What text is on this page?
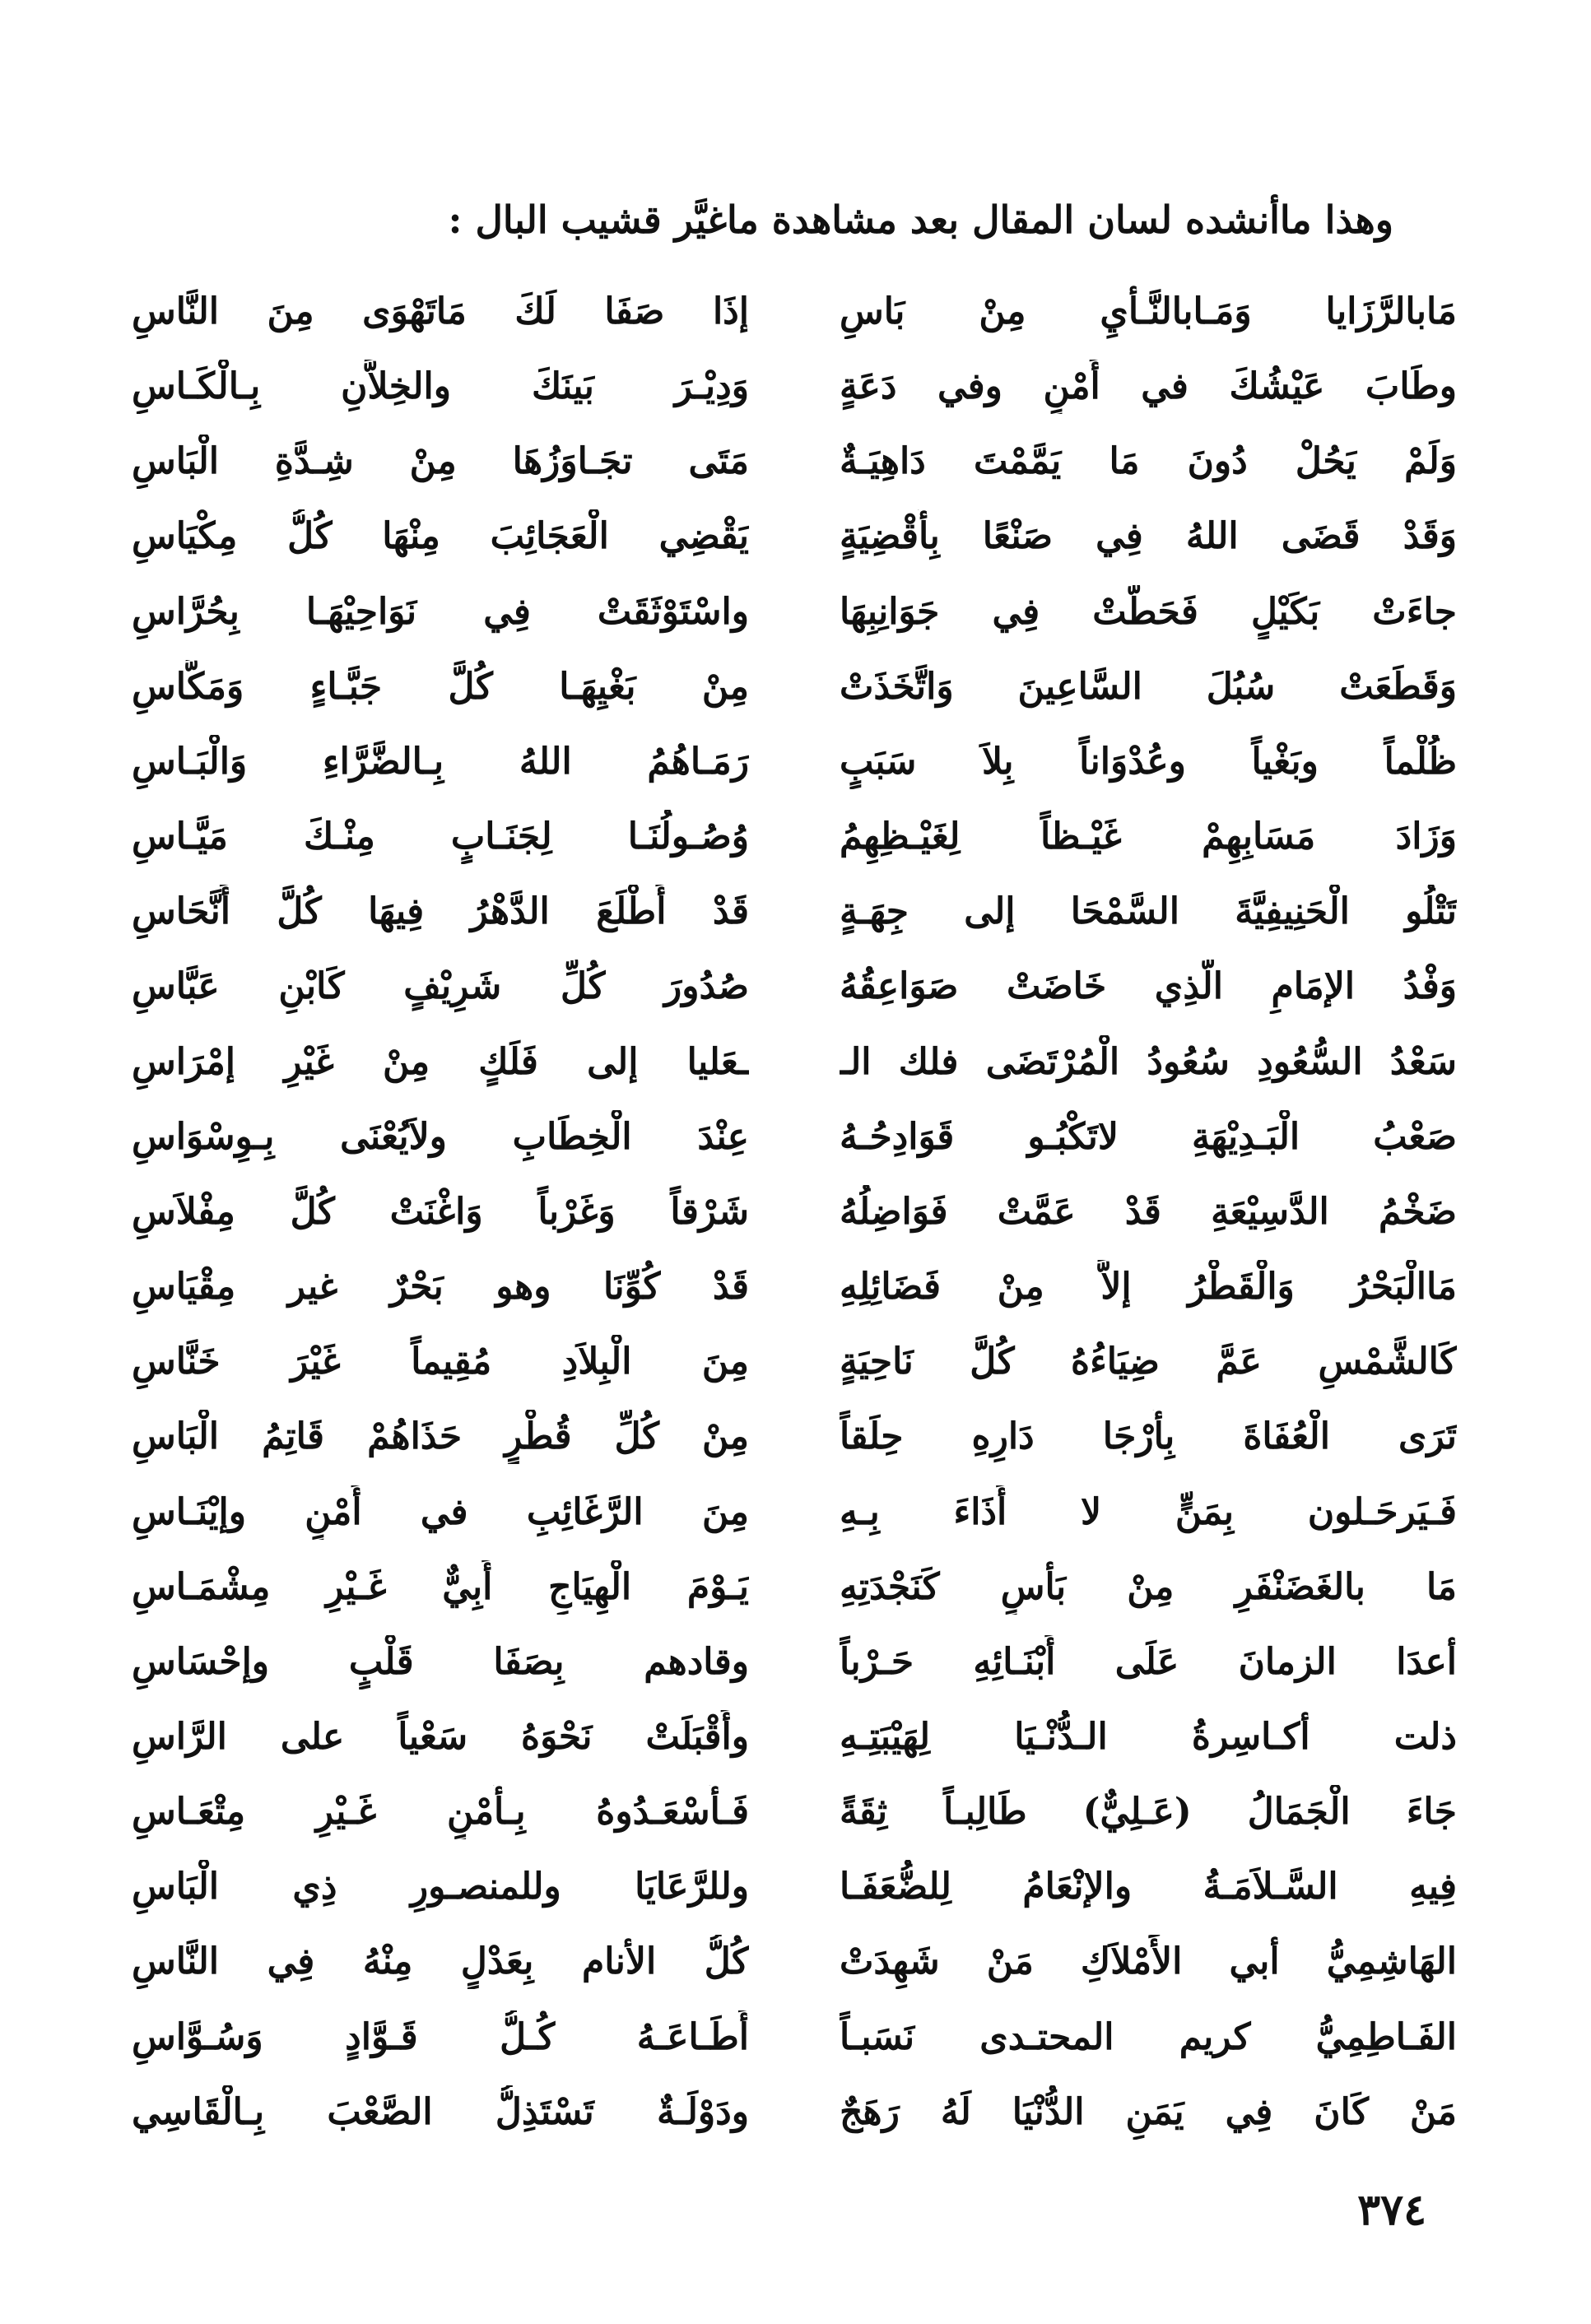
وهذا ماأنشده لسان المقال بعد مشاهدة ماغيَّر قشيب البال :
مَابالرَّزَايا وَمَـابالنَّـأْيِ مِنْ بَاسِ
إذَا صَفَا لَكَ مَاتَهْوَى مِنَ النَّاسِ
وطَابَ عَيْشُكَ في أَمْنٍ وفي دَعَةٍ
وَدِيْـرَ بَينَكَ والخِلاَّنِ بِـالْكَـاسِ
وَلَمْ يَحُلْ دُونَ مَا يَمَّمْتَ دَاهِيَـةٌ
مَتَى تجَـاوَزُهَا مِنْ شِـدَّةِ الْبَاسِ
وَقَدْ قَضَى اللهُ فِي صَنْعًا بِأَقْضِيَةٍ
يَقْضِي الْعَجَائِبَ مِنْهَا كُلُّ مِكْيَاسِ
جاءَتْ بَكَيْلٍ فَحَطَّتْ فِي جَوَانِبِهَا
واسْتَوْثَقَتْ فِي نَوَاحِيْهَـا بِحُرَّاسِ
وَقَطَعَتْ سُبُلَ السَّاعِينَ وَاتَّخَذَتْ
مِنْ بَغْيِهَـا كُلَّ جَبَّـاءٍ وَمَكَّاسِ
ظُلْماً وبَغْياً وعُدْوَاناً بِلاَ سَبَبٍ
رَمَـاهُمُ اللهُ بِـالضَّرَّاءِ وَالْبَـاسِ
وَزَادَ مَسَابِهِمْ غَيْـظاً لِغَيْـظِهِمُ
وُصُـولُنَـا لِجَنَـابٍ مِنْـكَ مَيَّـاسِ
تَتْلُو الْحَنِيفِيَّةَ السَّمْحَا إلى جِهَـةٍ
قَدْ أَطْلَعَ الدَّهْرُ فِيهَا كُلَّ أَنَّحَاسِ
وَفْدُ الإمَامِ الَّذِي خَاضَتْ صَوَاعِقُهُ
صُدُورَ كُلِّ شَرِيْفٍ كَابْنِ عَبَّاسِ
سَعْدُ السُّعُودِ سُعُودُ الْمُرْتَضَى فلك الـ
ـعَليا إلى فَلَكٍ مِنْ غَيْرِ إمْرَاسِ
صَعْبُ الْبَـدِيْهَةِ لاتَكْبُـو قَوَادِحُـهُ
عِنْدَ الْخِطَابِ ولاَيُعْنَى بِـوِسْوَاسِ
ضَخْمُ الدَّسِيْعَةِ قَدْ عَمَّتْ فَوَاضِلُهُ
شَرْقاً وَغَرْباً وَاغْنَتْ كُلَّ مِفْلاَسِ
مَاالْبَحْرُ وَالْقَطْرُ إلاَّ مِنْ فَضَائِلِهِ
قَدْ كُوِّنَا وهو بَحْرٌ غير مِقْيَاسِ
كَالشَّمْسِ عَمَّ ضِيَاءُهُ كُلَّ نَاحِيَةٍ
مِنَ الْبِلاَدِ مُقِيماً غَيْرَ خَنَّاسِ
تَرَى الْعُفَاةَ بِأَرْجَا دَارِهِ حِلَقاً
مِنْ كُلِّ قُطْرٍ حَذَاهُمْ قَاتِمُ الْبَاسِ
فَـيَرحَـلون بِمَنٍّ لا أَذَاءَ بِـهِ
مِنَ الرَّغَائِبِ في أَمْنٍ وإيْنَـاسِ
مَا بالغَضَنْفَرِ مِنْ بَأْسٍ كَنَجْدَتِهِ
يَـوْمَ الْهِيَاجِ أَبِيٌّ غَـيْرِ مِشْمَـاسِ
أعدَا الزمانَ عَلَى أَبْنَـائِهِ حَـرْباً
وقادهم بِصَفَا قَلْبٍ وإحْسَاسِ
ذلت أكـاسِرةُ الـدُّنْـيَا لِهَيْبَتِـهِ
وأَقْبَلَتْ نَحْوَهُ سَعْياً على الرَّاسِ
جَاءَ الْجَمَالُ (عَـلِيٌّ) طَالِبـاً ثِقَةً
فَـأَسْعَـدُوهُ بِـأَمْنٍ غَـيْرِ مِتْعَـاسِ
فِيهِ السَّـلاَمَـةُ والإنْعَامُ لِلضُّعَفَـا
وللرَّعَايَا وللمنصـورِ ذِي الْبَاسِ
الهَاشِمِيُّ أبي الأَمْلاَكِ مَنْ شَهِدَتْ
كُلُّ الأنام بِعَدْلٍ مِنْهُ فِي النَّاسِ
الفَـاطِمِيُّ كريم المحتـدى نَسَبـاً
أَطَـاعَـهُ كُـلُّ قَـوَّادٍ وَسُـوَّاسِ
مَنْ كَانَ فِي يَمَنِ الدُّنْيَا لَهُ رَهَجٌ
ودَوْلَـةٌ تَسْتَذِلُّ الصَّعْبَ بِـالْقَاسِي
٣٧٤
